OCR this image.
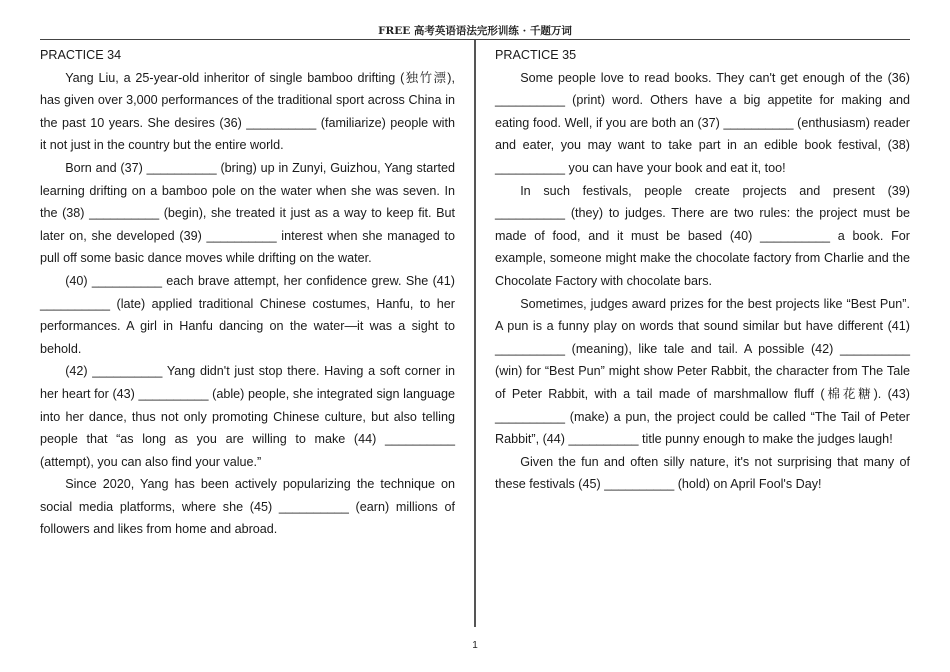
FREE 高考英语语法完形训练 · 千题万词
PRACTICE 34

Yang Liu, a 25-year-old inheritor of single bamboo drifting (独竹漂), has given over 3,000 performances of the traditional sport across China in the past 10 years. She desires (36) __________ (familiarize) people with it not just in the country but the entire world.

Born and (37) __________ (bring) up in Zunyi, Guizhou, Yang started learning drifting on a bamboo pole on the water when she was seven. In the (38) __________ (begin), she treated it just as a way to keep fit. But later on, she developed (39) __________ interest when she managed to pull off some basic dance moves while drifting on the water.

(40) __________ each brave attempt, her confidence grew. She (41) __________ (late) applied traditional Chinese costumes, Hanfu, to her performances. A girl in Hanfu dancing on the water—it was a sight to behold.

(42) __________ Yang didn't just stop there. Having a soft corner in her heart for (43) __________ (able) people, she integrated sign language into her dance, thus not only promoting Chinese culture, but also telling people that “as long as you are willing to make (44) __________ (attempt), you can also find your value.”

Since 2020, Yang has been actively popularizing the technique on social media platforms, where she (45) __________ (earn) millions of followers and likes from home and abroad.

PRACTICE 35

Some people love to read books. They can't get enough of the (36) __________ (print) word. Others have a big appetite for making and eating food. Well, if you are both an (37) __________ (enthusiasm) reader and eater, you may want to take part in an edible book festival, (38) __________ you can have your book and eat it, too!

In such festivals, people create projects and present (39) __________ (they) to judges. There are two rules: the project must be made of food, and it must be based (40) __________ a book. For example, someone might make the chocolate factory from Charlie and the Chocolate Factory with chocolate bars.

Sometimes, judges award prizes for the best projects like “Best Pun”. A pun is a funny play on words that sound similar but have different (41) __________ (meaning), like tale and tail. A possible (42) __________ (win) for “Best Pun” might show Peter Rabbit, the character from The Tale of Peter Rabbit, with a tail made of marshmallow fluff (棉花糖). (43) __________ (make) a pun, the project could be called “The Tail of Peter Rabbit”, (44) __________ title punny enough to make the judges laugh!

Given the fun and often silly nature, it's not surprising that many of these festivals (45) __________ (hold) on April Fool's Day!

1
